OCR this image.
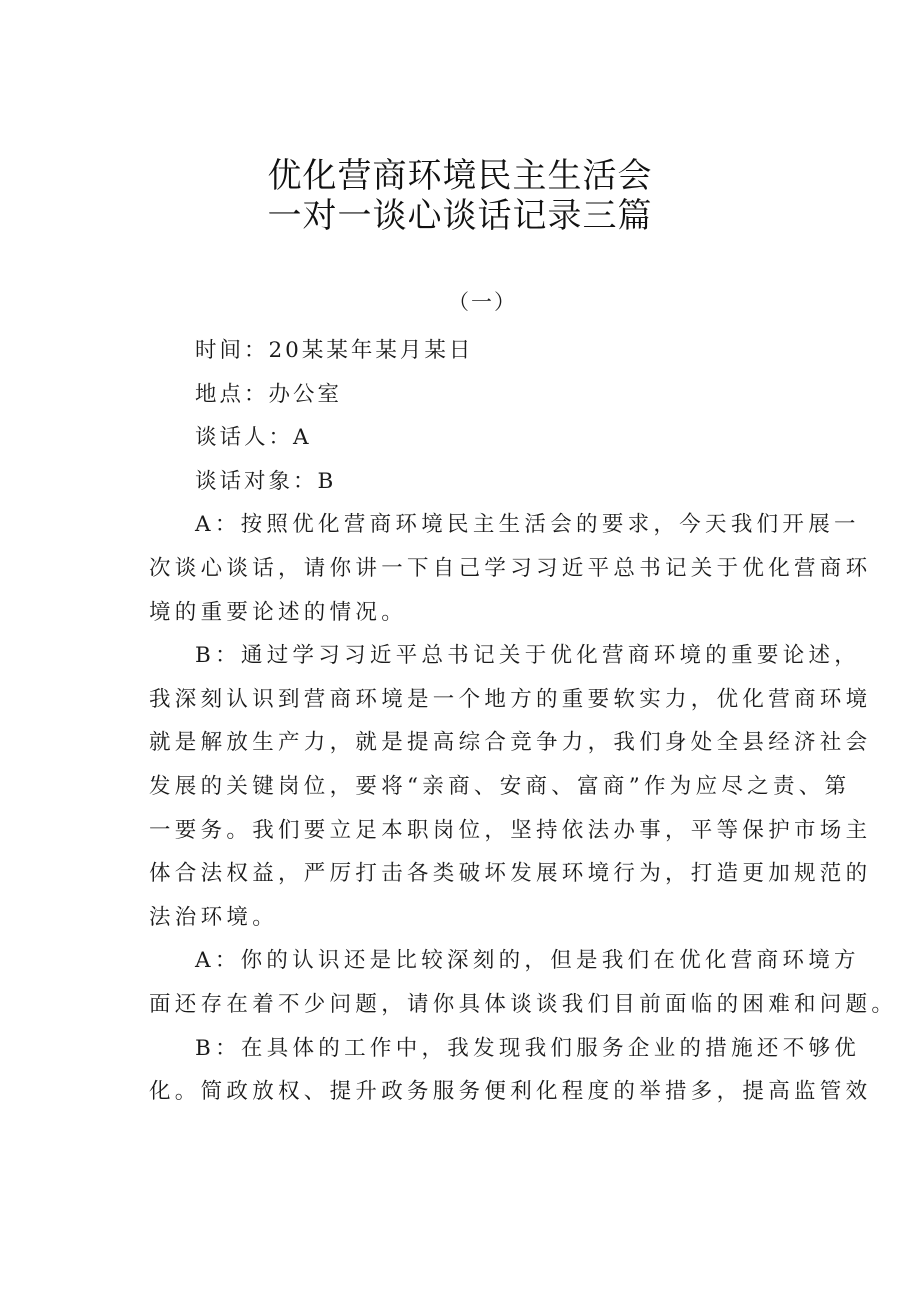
优化营商环境民主生活会
一对一谈心谈话记录三篇
（一）
时间：20某某年某月某日
地点：办公室
谈话人：A
谈话对象：B
A：按照优化营商环境民主生活会的要求，今天我们开展一
次谈心谈话，请你讲一下自己学习习近平总书记关于优化营商环
境的重要论述的情况。
B：通过学习习近平总书记关于优化营商环境的重要论述，
我深刻认识到营商环境是一个地方的重要软实力，优化营商环境
就是解放生产力，就是提高综合竞争力，我们身处全县经济社会
发展的关键岗位，要将“亲商、安商、富商”作为应尽之责、第
一要务。我们要立足本职岗位，坚持依法办事，平等保护市场主
体合法权益，严厉打击各类破坏发展环境行为，打造更加规范的
法治环境。
A：你的认识还是比较深刻的，但是我们在优化营商环境方
面还存在着不少问题，请你具体谈谈我们目前面临的困难和问题。
B：在具体的工作中，我发现我们服务企业的措施还不够优
化。简政放权、提升政务服务便利化程度的举措多，提高监管效
